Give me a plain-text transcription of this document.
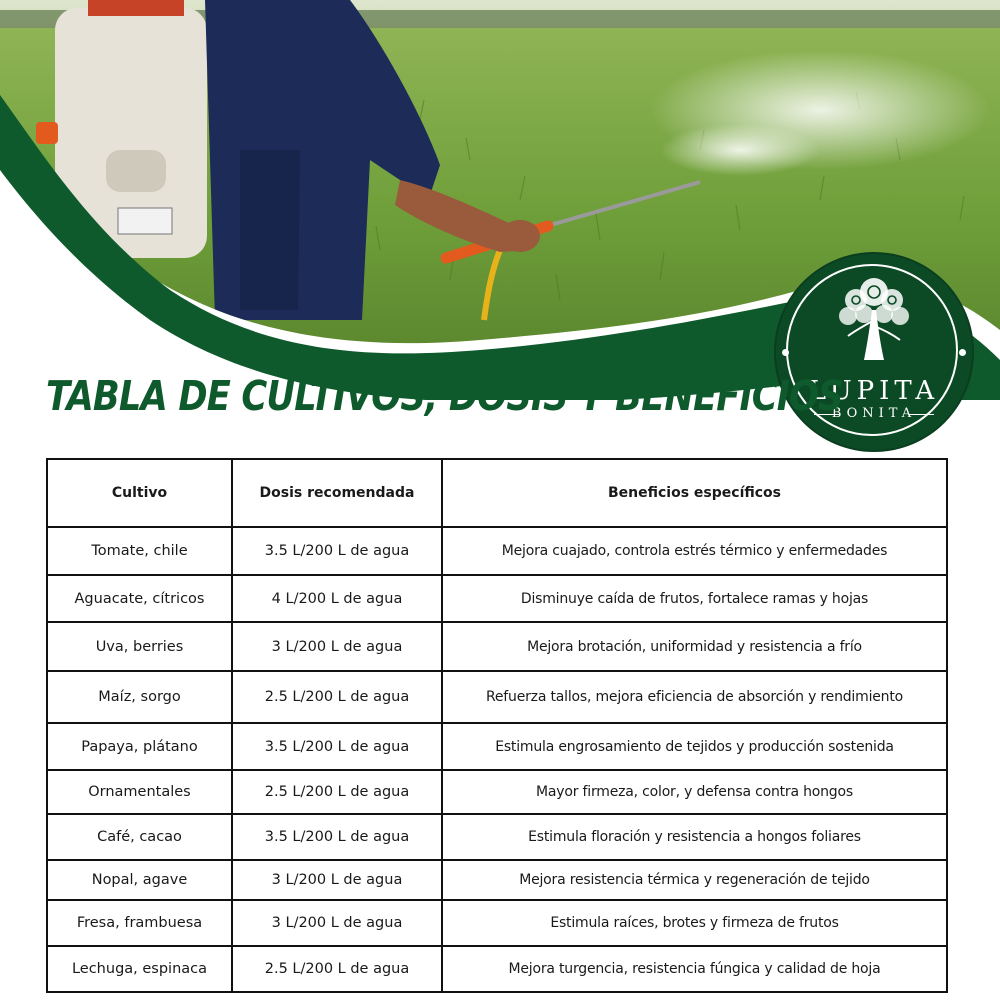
LUPITA
BONITA
TABLA DE CULTIVOS, DOSIS Y BENEFICIOS
Cultivo	Dosis recomendada	Beneficios específicos
Tomate, chile	3.5 L/200 L de agua	Mejora cuajado, controla estrés térmico y enfermedades
Aguacate, cítricos	4 L/200 L de agua	Disminuye caída de frutos, fortalece ramas y hojas
Uva, berries	3 L/200 L de agua	Mejora brotación, uniformidad y resistencia a frío
Maíz, sorgo	2.5 L/200 L de agua	Refuerza tallos, mejora eficiencia de absorción y rendimiento
Papaya, plátano	3.5 L/200 L de agua	Estimula engrosamiento de tejidos y producción sostenida
Ornamentales	2.5 L/200 L de agua	Mayor firmeza, color, y defensa contra hongos
Café, cacao	3.5 L/200 L de agua	Estimula floración y resistencia a hongos foliares
Nopal, agave	3 L/200 L de agua	Mejora resistencia térmica y regeneración de tejido
Fresa, frambuesa	3 L/200 L de agua	Estimula raíces, brotes y firmeza de frutos
Lechuga, espinaca	2.5 L/200 L de agua	Mejora turgencia, resistencia fúngica y calidad de hoja
